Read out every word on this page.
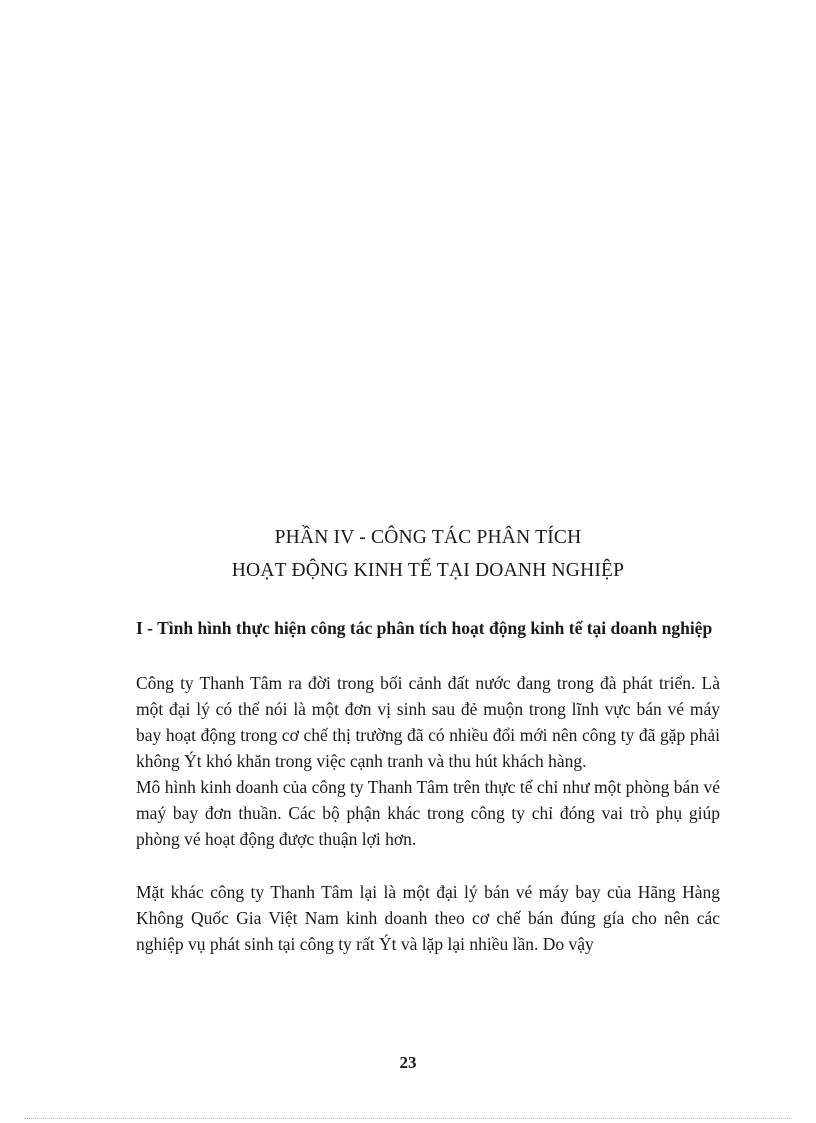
PHẦN IV - CÔNG TÁC PHÂN TÍCH
HOẠT ĐỘNG KINH TẾ TẠI DOANH NGHIỆP
I - Tình hình thực hiện công tác phân tích hoạt động kinh tế tại doanh nghiệp
Công ty Thanh Tâm ra đời trong bối cảnh đất nước đang trong đà phát triển. Là một đại lý có thể nói là một đơn vị sinh sau đẻ muộn trong lĩnh vực bán vé máy bay hoạt động trong cơ chế thị trường đã có nhiều đổi mới nên công ty đã gặp phải không Ýt khó khăn trong việc cạnh tranh và thu hút khách hàng.
Mô hình kinh doanh của công ty Thanh Tâm trên thực tế chỉ như một phòng bán vé maý bay đơn thuần. Các bộ phận khác trong công ty chỉ đóng vai trò phụ giúp phòng vé hoạt động được thuận lợi hơn.
Mặt khác công ty Thanh Tâm lại là một đại lý bán vé máy bay của Hãng Hàng Không Quốc Gia Việt Nam kinh doanh theo cơ chế bán đúng gía cho nên các nghiệp vụ phát sinh tại công ty rất Ýt và lặp lại nhiều lần. Do vậy
23
